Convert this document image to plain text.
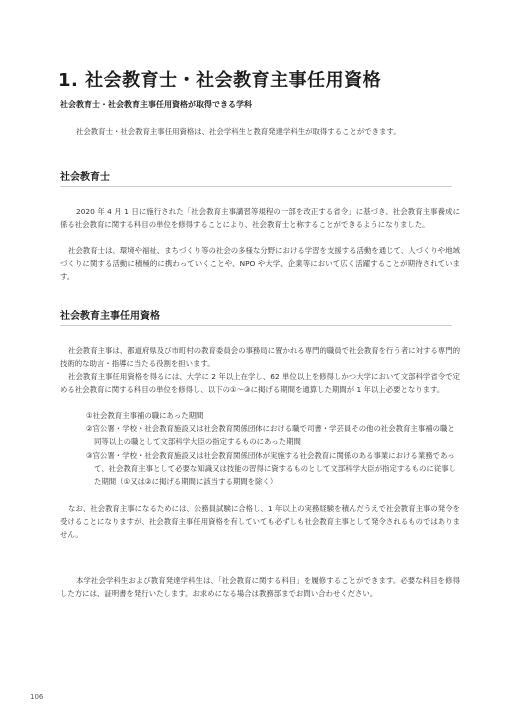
1. 社会教育士・社会教育主事任用資格
社会教育士・社会教育主事任用資格が取得できる学科

社会教育士・社会教育主事任用資格は、社会学科生と教育発達学科生が取得することができます。

社会教育士

2020 年 4 月 1 日に施行された「社会教育主事講習等規程の一部を改正する省令」に基づき、社会教育主事養成に係る社会教育に関する科目の単位を修得することにより、社会教育士と称することができるようになりました。

社会教育士は、環境や福祉、まちづくり等の社会の多様な分野における学習を支援する活動を通じて、人づくりや地域づくりに関する活動に積極的に携わっていくことや、NPO や大学、企業等において広く活躍することが期待されています。

社会教育主事任用資格

社会教育主事は、都道府県及び市町村の教育委員会の事務局に置かれる専門的職員で社会教育を行う者に対する専門的技術的な助言・指導に当たる役割を担います。

社会教育主事任用資格を得るには、大学に 2 年以上在学し、62 単位以上を修得しかつ大学において文部科学省令で定める社会教育に関する科目の単位を修得し、以下の①～③に掲げる期間を通算した期間が 1 年以上必要となります。

①社会教育主事補の職にあった期間
②官公署・学校・社会教育施設又は社会教育関係団体における職で司書・学芸員その他の社会教育主事補の職と同等以上の職として文部科学大臣の指定するものにあった期間
③官公署・学校・社会教育施設又は社会教育関係団体が実施する社会教育に関係のある事業における業務であって、社会教育主事として必要な知識又は技能の習得に資するものとして文部科学大臣が指定するものに従事した期間（①又は②に掲げる期間に該当する期間を除く）

なお、社会教育主事になるためには、公務員試験に合格し、1 年以上の実務経験を積んだうえで社会教育主事の発令を受けることになりますが、社会教育主事任用資格を有していても必ずしも社会教育主事として発令されるものではありません。

本学社会学科生および教育発達学科生は、「社会教育に関する科目」を履修することができます。必要な科目を修得した方には、証明書を発行いたします。お求めになる場合は教務部までお問い合わせください。

106
